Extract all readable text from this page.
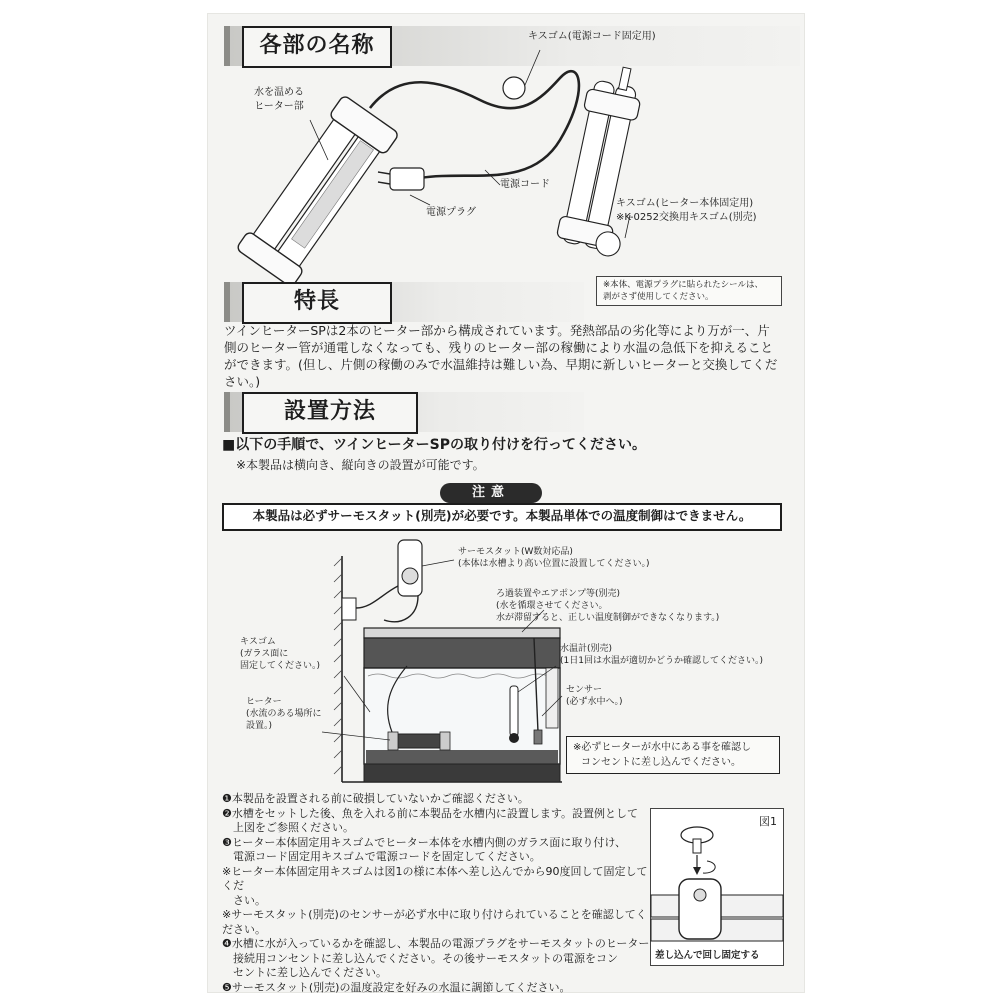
各部の名称
水を温める
ヒーター部
キスゴム(電源コード固定用)
電源コード
電源プラグ
キスゴム(ヒーター本体固定用)
※K-0252交換用キスゴム(別売)
※本体、電源プラグに貼られたシールは、
剥がさず使用してください。
特長
ツインヒーターSPは2本のヒーター部から構成されています。発熱部品の劣化等により万が一、片
側のヒーター管が通電しなくなっても、残りのヒーター部の稼働により水温の急低下を抑えること
ができます。(但し、片側の稼働のみで水温維持は難しい為、早期に新しいヒーターと交換してくだ
さい。)
設置方法
■以下の手順で、ツインヒーターSPの取り付けを行ってください。
※本製品は横向き、縦向きの設置が可能です。
注意
本製品は必ずサーモスタット(別売)が必要です。本製品単体での温度制御はできません。
サーモスタット(W数対応品)
(本体は水槽より高い位置に設置してください。)
ろ過装置やエアポンプ等(別売)
(水を循環させてください。
水が滞留すると、正しい温度制御ができなくなります。)
キスゴム
(ガラス面に
固定してください。)
ヒーター
(水流のある場所に
設置。)
水温計(別売)
(1日1回は水温が適切かどうか確認してください。)
センサー
(必ず水中へ。)
※必ずヒーターが水中にある事を確認し
コンセントに差し込んでください。
❶本製品を設置される前に破損していないかご確認ください。
❷水槽をセットした後、魚を入れる前に本製品を水槽内に設置します。設置例として
　上図をご参照ください。
❸ヒーター本体固定用キスゴムでヒーター本体を水槽内側のガラス面に取り付け、
　電源コード固定用キスゴムで電源コードを固定してください。
※ヒーター本体固定用キスゴムは図1の様に本体へ差し込んでから90度回して固定してくだ
　さい。
※サーモスタット(別売)のセンサーが必ず水中に取り付けられていることを確認してください。
❹水槽に水が入っているかを確認し、本製品の電源プラグをサーモスタットのヒーター
　接続用コンセントに差し込んでください。その後サーモスタットの電源をコン
　セントに差し込んでください。
❺サーモスタット(別売)の温度設定を好みの水温に調節してください。
図1
差し込んで回し固定する
